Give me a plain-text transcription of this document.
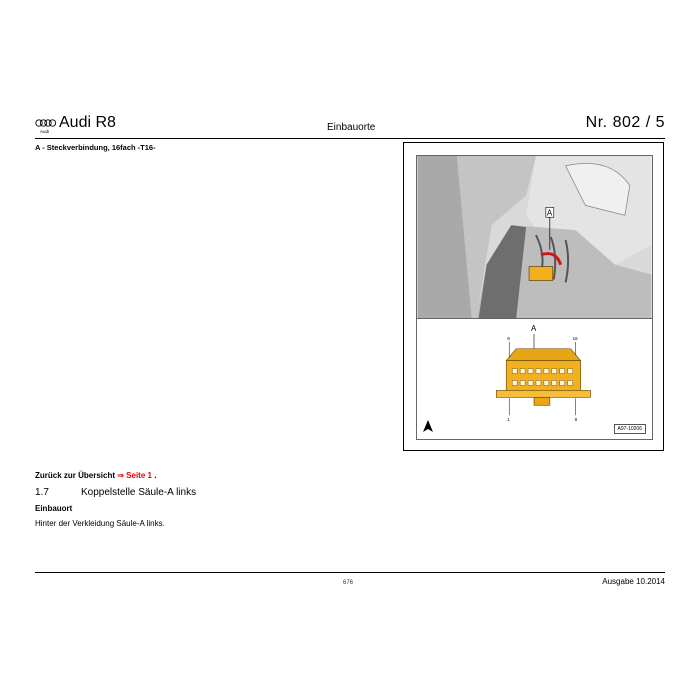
Audi
Audi R8	Einbauorte	Nr. 802 / 5
A - Steckverbindung, 16fach -T16-
A
A
9	16
1	8
A97-10206
Zurück zur Übersicht ⇒ Seite 1 .
1.7	Koppelstelle Säule-A links
Einbauort
Hinter der Verkleidung Säule-A links.
676	Ausgabe 10.2014
